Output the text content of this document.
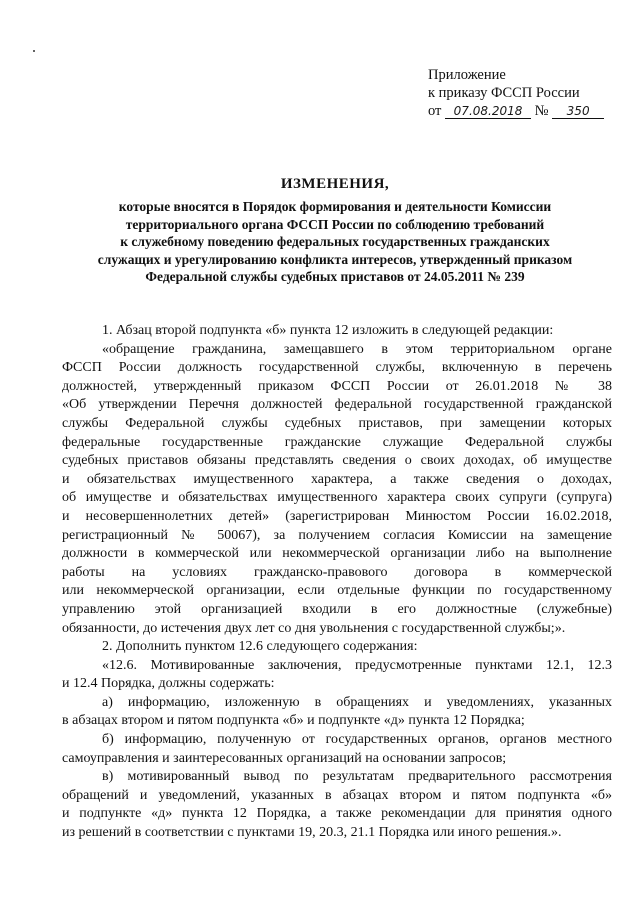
Приложение
к приказу ФССП России
от 07.08.2018 № 350
ИЗМЕНЕНИЯ,
которые вносятся в Порядок формирования и деятельности Комиссии
территориального органа ФССП России по соблюдению требований
к служебному поведению федеральных государственных гражданских
служащих и урегулированию конфликта интересов, утвержденный приказом
Федеральной службы судебных приставов от 24.05.2011 № 239
1. Абзац второй подпункта «б» пункта 12 изложить в следующей редакции:
«обращение гражданина, замещавшего в этом территориальном органе
ФССП России должность государственной службы, включенную в перечень
должностей, утвержденный приказом ФССП России от 26.01.2018 № 38
«Об утверждении Перечня должностей федеральной государственной гражданской
службы Федеральной службы судебных приставов, при замещении которых
федеральные государственные гражданские служащие Федеральной службы
судебных приставов обязаны представлять сведения о своих доходах, об имуществе
и обязательствах имущественного характера, а также сведения о доходах,
об имуществе и обязательствах имущественного характера своих супруги (супруга)
и несовершеннолетних детей» (зарегистрирован Минюстом России 16.02.2018,
регистрационный № 50067), за получением согласия Комиссии на замещение
должности в коммерческой или некоммерческой организации либо на выполнение
работы на условиях гражданско-правового договора в коммерческой
или некоммерческой организации, если отдельные функции по государственному
управлению этой организацией входили в его должностные (служебные)
обязанности, до истечения двух лет со дня увольнения с государственной службы;».
2. Дополнить пунктом 12.6 следующего содержания:
«12.6. Мотивированные заключения, предусмотренные пунктами 12.1, 12.3
и 12.4 Порядка, должны содержать:
а) информацию, изложенную в обращениях и уведомлениях, указанных
в абзацах втором и пятом подпункта «б» и подпункте «д» пункта 12 Порядка;
б) информацию, полученную от государственных органов, органов местного
самоуправления и заинтересованных организаций на основании запросов;
в) мотивированный вывод по результатам предварительного рассмотрения
обращений и уведомлений, указанных в абзацах втором и пятом подпункта «б»
и подпункте «д» пункта 12 Порядка, а также рекомендации для принятия одного
из решений в соответствии с пунктами 19, 20.3, 21.1 Порядка или иного решения.».
